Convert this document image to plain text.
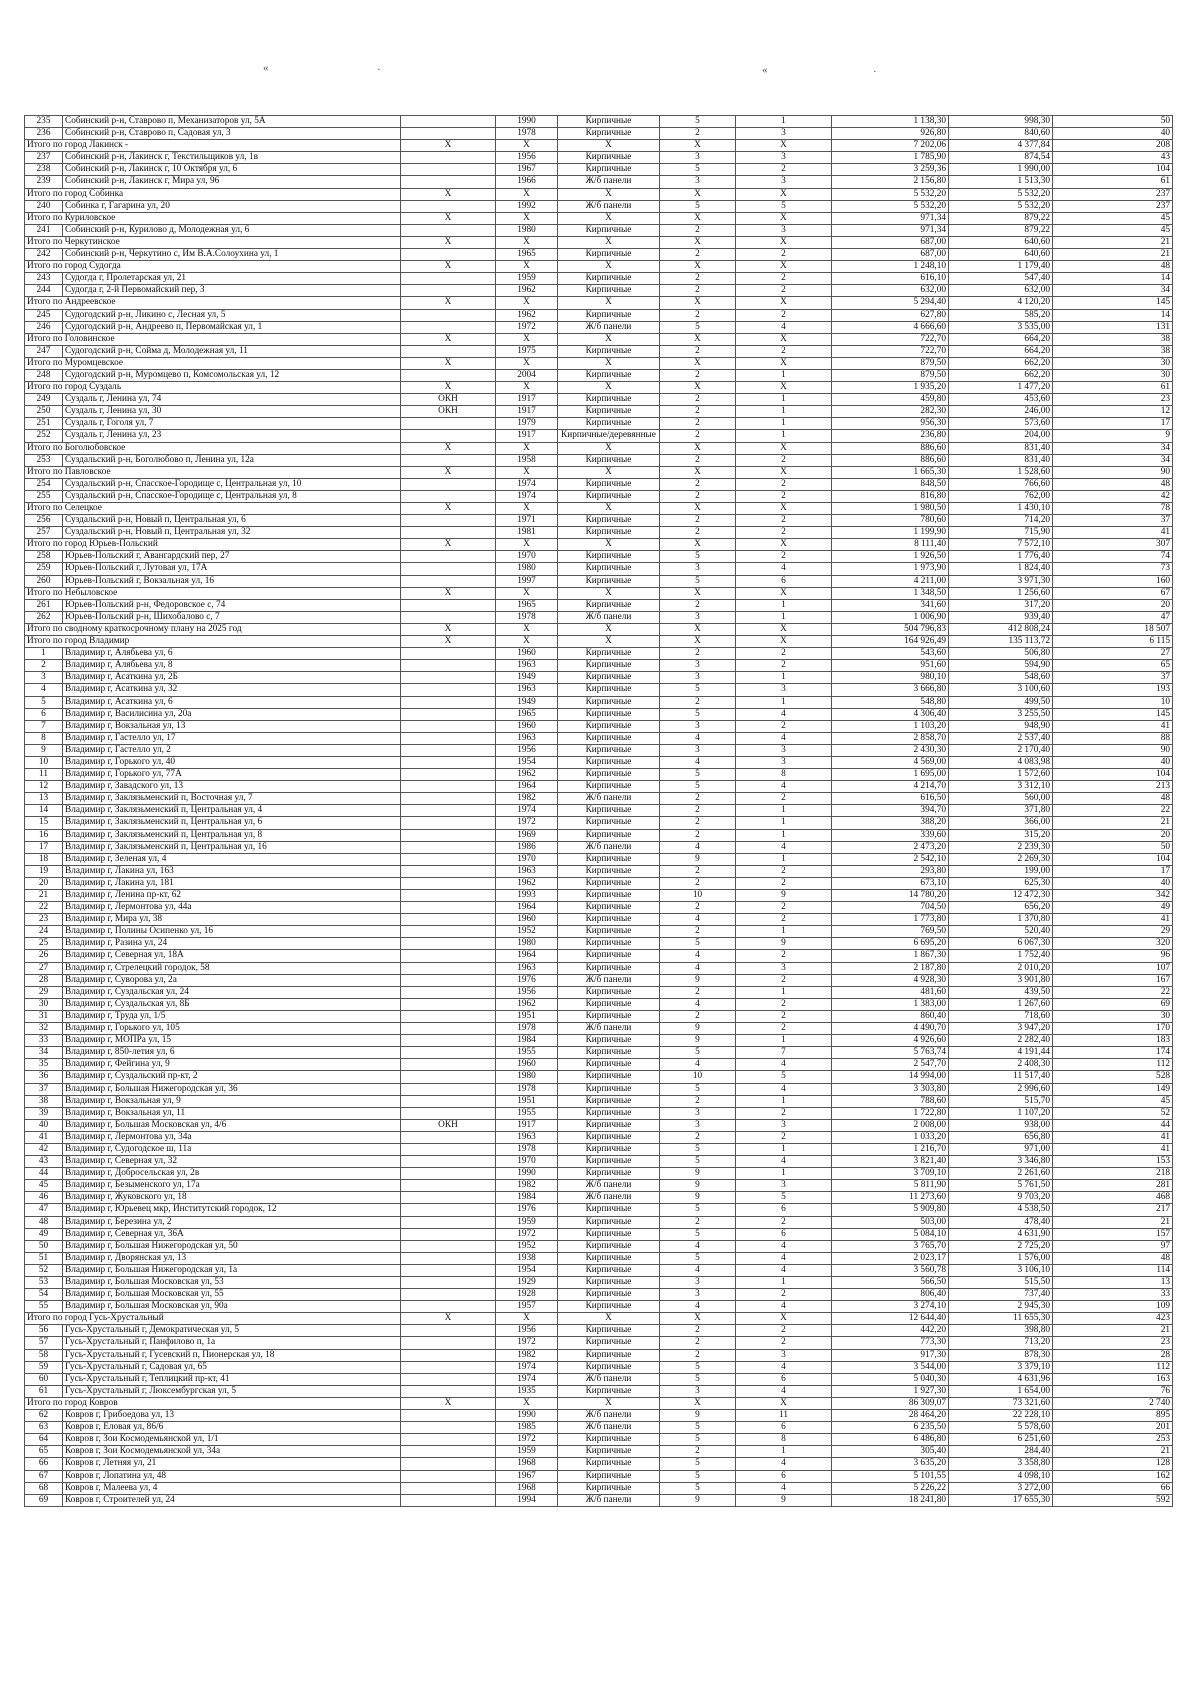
«	·	«	·
235	Собинский р-н, Ставрово п, Механизаторов ул, 5А		1990	Кирпичные	5	1	1 138,30	998,30	50
236	Собинский р-н, Ставрово п, Садовая ул, 3		1978	Кирпичные	2	3	926,80	840,60	40
Итого по город Лакинск -		X	X	X	X	X	7 202,06	4 377,84	208
237	Собинский р-н, Лакинск г, Текстильщиков ул, 1в		1956	Кирпичные	3	3	1 785,90	874,54	43
238	Собинский р-н, Лакинск г, 10 Октября ул, 6		1967	Кирпичные	5	2	3 259,36	1 990,00	104
239	Собинский р-н, Лакинск г, Мира ул, 96		1966	Ж/б панели	3	3	2 156,80	1 513,30	61
Итого по город Собинка		X	X	X	X	X	5 532,20	5 532,20	237
240	Собинка г, Гагарина ул, 20		1992	Ж/б панели	5	5	5 532,20	5 532,20	237
Итого по Куриловское		X	X	X	X	X	971,34	879,22	45
241	Собинский р-н, Курилово д, Молодежная ул, 6		1980	Кирпичные	2	3	971,34	879,22	45
Итого по Черкутинское		X	X	X	X	X	687,00	640,60	21
242	Собинский р-н, Черкутино с, Им В.А.Солоухина ул, 1		1965	Кирпичные	2	2	687,00	640,60	21
Итого по город Судогда		X	X	X	X	X	1 248,10	1 179,40	48
243	Судогда г, Пролетарская ул, 21		1959	Кирпичные	2	2	616,10	547,40	14
244	Судогда г, 2-й Первомайский пер, 3		1962	Кирпичные	2	2	632,00	632,00	34
Итого по Андреевское		X	X	X	X	X	5 294,40	4 120,20	145
245	Судогодский р-н, Ликино с, Лесная ул, 5		1962	Кирпичные	2	2	627,80	585,20	14
246	Судогодский р-н, Андреево п, Первомайская ул, 1		1972	Ж/б панели	5	4	4 666,60	3 535,00	131
Итого по Головинское		X	X	X	X	X	722,70	664,20	38
247	Судогодский р-н, Сойма д, Молодежная ул, 11		1975	Кирпичные	2	2	722,70	664,20	38
Итого по Муромцевское		X	X	X	X	X	879,50	662,20	30
248	Судогодский р-н, Муромцево п, Комсомольская ул, 12		2004	Кирпичные	2	1	879,50	662,20	30
Итого по город Суздаль		X	X	X	X	X	1 935,20	1 477,20	61
249	Суздаль г, Ленина ул, 74	ОКН	1917	Кирпичные	2	1	459,80	453,60	23
250	Суздаль г, Ленина ул, 30	ОКН	1917	Кирпичные	2	1	282,30	246,00	12
251	Суздаль г, Гоголя ул, 7		1979	Кирпичные	2	1	956,30	573,60	17
252	Суздаль г, Ленина ул, 23		1917	Кирпичные/деревянные	2	1	236,80	204,00	9
Итого по Боголюбовское		X	X	X	X	X	886,60	831,40	34
253	Суздальский р-н, Боголюбово п, Ленина ул, 12а		1958	Кирпичные	2	2	886,60	831,40	34
Итого по Павловское		X	X	X	X	X	1 665,30	1 528,60	90
254	Суздальский р-н, Спасское-Городище с, Центральная ул, 10		1974	Кирпичные	2	2	848,50	766,60	48
255	Суздальский р-н, Спасское-Городище с, Центральная ул, 8		1974	Кирпичные	2	2	816,80	762,00	42
Итого по Селецкое		X	X	X	X	X	1 980,50	1 430,10	78
256	Суздальский р-н, Новый п, Центральная ул, 6		1971	Кирпичные	2	2	780,60	714,20	37
257	Суздальский р-н, Новый п, Центральная ул, 32		1981	Кирпичные	2	2	1 199,90	715,90	41
Итого по город Юрьев-Польский		X	X	X	X	X	8 111,40	7 572,10	307
258	Юрьев-Польский г, Авангардский пер, 27		1970	Кирпичные	5	2	1 926,50	1 776,40	74
259	Юрьев-Польский г, Лутовая ул, 17А		1980	Кирпичные	3	4	1 973,90	1 824,40	73
260	Юрьев-Польский г, Вокзальная ул, 16		1997	Кирпичные	5	6	4 211,00	3 971,30	160
Итого по Небыловское		X	X	X	X	X	1 348,50	1 256,60	67
261	Юрьев-Польский р-н, Федоровское с, 74		1965	Кирпичные	2	1	341,60	317,20	20
262	Юрьев-Польский р-н, Шихобалово с, 7		1978	Ж/б панели	3	1	1 006,90	939,40	47
Итого по сводному краткосрочному плану на 2025 год		X	X	X	X	X	504 796,83	412 808,24	18 507
Итого по город Владимир		X	X	X	X	X	164 926,49	135 113,72	6 115
1	Владимир г, Алябьева ул, 6		1960	Кирпичные	2	2	543,60	506,80	27
2	Владимир г, Алябьева ул, 8		1963	Кирпичные	3	2	951,60	594,90	65
3	Владимир г, Асаткина ул, 2Б		1949	Кирпичные	3	1	980,10	548,60	37
4	Владимир г, Асаткина ул, 32		1963	Кирпичные	5	3	3 666,80	3 100,60	193
5	Владимир г, Асаткина ул, 6		1949	Кирпичные	2	1	548,80	499,50	10
6	Владимир г, Василисина ул, 20а		1965	Кирпичные	5	4	4 306,40	3 255,50	145
7	Владимир г, Вокзальная ул, 13		1960	Кирпичные	3	2	1 103,20	948,90	41
8	Владимир г, Гастелло ул, 17		1963	Кирпичные	4	4	2 858,70	2 537,40	88
9	Владимир г, Гастелло ул, 2		1956	Кирпичные	3	3	2 430,30	2 170,40	90
10	Владимир г, Горького ул, 40		1954	Кирпичные	4	3	4 569,00	4 083,98	40
11	Владимир г, Горького ул, 77А		1962	Кирпичные	5	8	1 695,00	1 572,60	104
12	Владимир г, Завадского ул, 13		1964	Кирпичные	5	4	4 214,70	3 312,10	213
13	Владимир г, Заклязьменский п, Восточная ул, 7		1982	Ж/б панели	2	2	616,50	560,00	48
14	Владимир г, Заклязьменский п, Центральная ул, 4		1974	Кирпичные	2	1	394,70	371,80	22
15	Владимир г, Заклязьменский п, Центральная ул, 6		1972	Кирпичные	2	1	388,20	366,00	21
16	Владимир г, Заклязьменский п, Центральная ул, 8		1969	Кирпичные	2	1	339,60	315,20	20
17	Владимир г, Заклязьменский п, Центральная ул, 16		1986	Ж/б панели	4	4	2 473,20	2 239,30	50
18	Владимир г, Зеленая ул, 4		1970	Кирпичные	9	1	2 542,10	2 269,30	104
19	Владимир г, Лакина ул, 163		1963	Кирпичные	2	2	293,80	199,00	17
20	Владимир г, Лакина ул, 181		1962	Кирпичные	2	2	673,10	625,30	40
21	Владимир г, Ленина пр-кт, 62		1993	Кирпичные	10	9	14 780,20	12 472,30	342
22	Владимир г, Лермонтова ул, 44а		1964	Кирпичные	2	2	704,50	656,20	49
23	Владимир г, Мира ул, 38		1960	Кирпичные	4	2	1 773,80	1 370,80	41
24	Владимир г, Полины Осипенко ул, 16		1952	Кирпичные	2	1	769,50	520,40	29
25	Владимир г, Разина ул, 24		1980	Кирпичные	5	9	6 695,20	6 067,30	320
26	Владимир г, Северная ул, 18А		1964	Кирпичные	4	2	1 867,30	1 752,40	96
27	Владимир г, Стрелецкий городок, 58		1963	Кирпичные	4	3	2 187,80	2 010,20	107
28	Владимир г, Суворова ул, 2а		1976	Ж/б панели	9	2	4 928,30	3 901,80	167
29	Владимир г, Суздальская ул, 24		1956	Кирпичные	2	1	481,60	439,50	22
30	Владимир г, Суздальская ул, 8Б		1962	Кирпичные	4	2	1 383,00	1 267,60	69
31	Владимир г, Труда ул, 1/5		1951	Кирпичные	2	2	860,40	718,60	30
32	Владимир г, Горького ул, 105		1978	Ж/б панели	9	2	4 490,70	3 947,20	170
33	Владимир г, МОПРа ул, 15		1984	Кирпичные	9	1	4 926,60	2 282,40	183
34	Владимир г, 850-летия ул, 6		1955	Кирпичные	5	7	5 763,74	4 191,44	174
35	Владимир г, Фейгина ул, 9		1960	Кирпичные	4	4	2 547,70	2 408,30	112
36	Владимир г, Суздальский пр-кт, 2		1980	Кирпичные	10	5	14 994,00	11 517,40	528
37	Владимир г, Большая Нижегородская ул, 36		1978	Кирпичные	5	4	3 303,80	2 996,60	149
38	Владимир г, Вокзальная ул, 9		1951	Кирпичные	2	1	788,60	515,70	45
39	Владимир г, Вокзальная ул, 11		1955	Кирпичные	3	2	1 722,80	1 107,20	52
40	Владимир г, Большая Московская ул, 4/6	ОКН	1917	Кирпичные	3	3	2 008,00	938,00	44
41	Владимир г, Лермонтова ул, 34а		1963	Кирпичные	2	2	1 033,20	656,80	41
42	Владимир г, Судогодское ш, 11а		1978	Кирпичные	5	1	1 216,70	971,00	41
43	Владимир г, Северная ул, 32		1970	Кирпичные	5	4	3 821,40	3 346,80	153
44	Владимир г, Добросельская ул, 2в		1990	Кирпичные	9	1	3 709,10	2 261,60	218
45	Владимир г, Безыменского ул, 17а		1982	Ж/б панели	9	3	5 811,90	5 761,50	281
46	Владимир г, Жуковского ул, 18		1984	Ж/б панели	9	5	11 273,60	9 703,20	468
47	Владимир г, Юрьевец мкр, Институтский городок, 12		1976	Кирпичные	5	6	5 909,80	4 538,50	217
48	Владимир г, Березина ул, 2		1959	Кирпичные	2	2	503,00	478,40	21
49	Владимир г, Северная ул, 36А		1972	Кирпичные	5	6	5 084,10	4 631,90	157
50	Владимир г, Большая Нижегородская ул, 50		1952	Кирпичные	4	4	3 765,70	2 725,20	97
51	Владимир г, Дворянская ул, 13		1938	Кирпичные	5	4	2 023,17	1 576,00	48
52	Владимир г, Большая Нижегородская ул, 1а		1954	Кирпичные	4	4	3 560,78	3 106,10	114
53	Владимир г, Большая Московская ул, 53		1929	Кирпичные	3	1	566,50	515,50	13
54	Владимир г, Большая Московская ул, 55		1928	Кирпичные	3	2	806,40	737,40	33
55	Владимир г, Большая Московская ул, 90а		1957	Кирпичные	4	4	3 274,10	2 945,30	109
Итого по город Гусь-Хрустальный		X	X	X	X	X	12 644,40	11 655,30	423
56	Гусь-Хрустальный г, Демократическая ул, 5		1956	Кирпичные	2	2	442,20	398,80	21
57	Гусь-Хрустальный г, Панфилово п, 1а		1972	Кирпичные	2	2	773,30	713,20	23
58	Гусь-Хрустальный г, Гусевский п, Пионерская ул, 18		1982	Кирпичные	2	3	917,30	878,30	28
59	Гусь-Хрустальный г, Садовая ул, 65		1974	Кирпичные	5	4	3 544,00	3 379,10	112
60	Гусь-Хрустальный г, Теплицкий пр-кт, 41		1974	Ж/б панели	5	6	5 040,30	4 631,96	163
61	Гусь-Хрустальный г, Люксембургская ул, 5		1935	Кирпичные	3	4	1 927,30	1 654,00	76
Итого по город Ковров		X	X	X	X	X	86 309,07	73 321,60	2 740
62	Ковров г, Грибоедова ул, 13		1990	Ж/б панели	9	11	28 464,20	22 228,10	895
63	Ковров г, Еловая ул, 86/6		1985	Ж/б панели	5	6	6 235,50	5 578,60	201
64	Ковров г, Зои Космодемьянской ул, 1/1		1972	Кирпичные	5	8	6 486,80	6 251,60	253
65	Ковров г, Зои Космодемьянской ул, 34а		1959	Кирпичные	2	1	305,40	284,40	21
66	Ковров г, Летняя ул, 21		1968	Кирпичные	5	4	3 635,20	3 358,80	128
67	Ковров г, Лопатина ул, 48		1967	Кирпичные	5	6	5 101,55	4 098,10	162
68	Ковров г, Малеева ул, 4		1968	Кирпичные	5	4	5 226,22	3 272,00	66
69	Ковров г, Строителей ул, 24		1994	Ж/б панели	9	9	18 241,80	17 655,30	592
